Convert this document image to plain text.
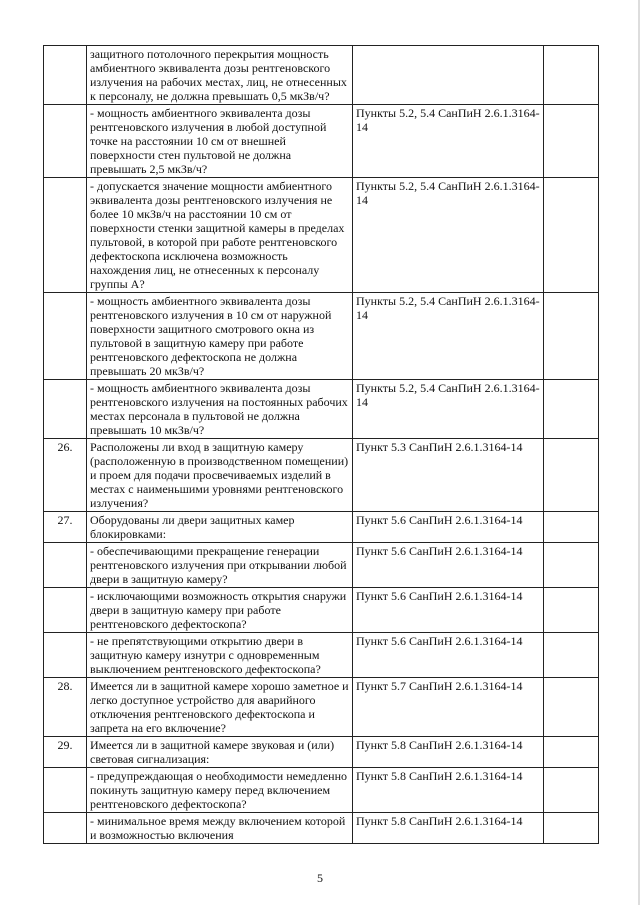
	защитного потолочного перекрытия мощность амбиентного эквивалента дозы рентгеновского излучения на рабочих местах, лиц, не отнесенных к персоналу, не должна превышать 0,5 мкЗв/ч?		
	- мощность амбиентного эквивалента дозы рентгеновского излучения в любой доступной точке на расстоянии 10 см от внешней поверхности стен пультовой не должна превышать 2,5 мкЗв/ч?	Пункты 5.2, 5.4 СанПиН 2.6.1.3164-14	
	- допускается значение мощности амбиентного эквивалента дозы рентгеновского излучения не более 10 мкЗв/ч на расстоянии 10 см от поверхности стенки защитной камеры в пределах пультовой, в которой при работе рентгеновского дефектоскопа исключена возможность нахождения лиц, не отнесенных к персоналу группы А?	Пункты 5.2, 5.4 СанПиН 2.6.1.3164-14	
	- мощность амбиентного эквивалента дозы рентгеновского излучения в 10 см от наружной поверхности защитного смотрового окна из пультовой в защитную камеру при работе рентгеновского дефектоскопа не должна превышать 20 мкЗв/ч?	Пункты 5.2, 5.4 СанПиН 2.6.1.3164-14	
	- мощность амбиентного эквивалента дозы рентгеновского излучения на постоянных рабочих местах персонала в пультовой не должна превышать 10 мкЗв/ч?	Пункты 5.2, 5.4 СанПиН 2.6.1.3164-14	
26.	Расположены ли вход в защитную камеру (расположенную в производственном помещении) и проем для подачи просвечиваемых изделий в местах с наименьшими уровнями рентгеновского излучения?	Пункт 5.3 СанПиН 2.6.1.3164-14	
27.	Оборудованы ли двери защитных камер блокировками:	Пункт 5.6 СанПиН 2.6.1.3164-14	
	- обеспечивающими прекращение генерации рентгеновского излучения при открывании любой двери в защитную камеру?	Пункт 5.6 СанПиН 2.6.1.3164-14	
	- исключающими возможность открытия снаружи двери в защитную камеру при работе рентгеновского дефектоскопа?	Пункт 5.6 СанПиН 2.6.1.3164-14	
	- не препятствующими открытию двери в защитную камеру изнутри с одновременным выключением рентгеновского дефектоскопа?	Пункт 5.6 СанПиН 2.6.1.3164-14	
28.	Имеется ли в защитной камере хорошо заметное и легко доступное устройство для аварийного отключения рентгеновского дефектоскопа и запрета на его включение?	Пункт 5.7 СанПиН 2.6.1.3164-14	
29.	Имеется ли в защитной камере звуковая и (или) световая сигнализация:	Пункт 5.8 СанПиН 2.6.1.3164-14	
	- предупреждающая о необходимости немедленно покинуть защитную камеру перед включением рентгеновского дефектоскопа?	Пункт 5.8 СанПиН 2.6.1.3164-14	
	- минимальное время между включением которой и возможностью включения	Пункт 5.8 СанПиН 2.6.1.3164-14	
5
